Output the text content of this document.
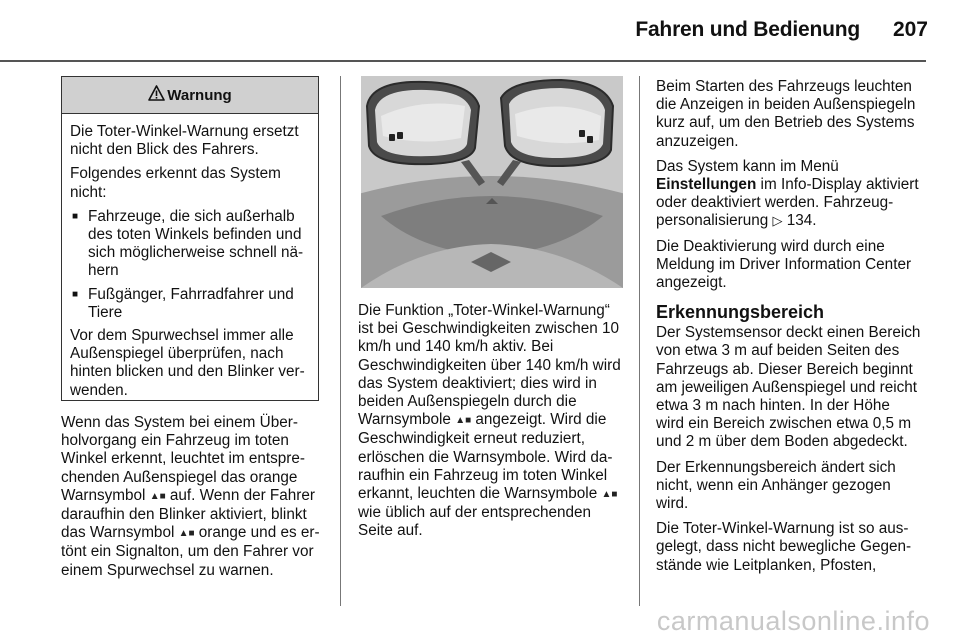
Fahren und Bedienung	207
Warnung

Die Toter-Winkel-Warnung ersetzt nicht den Blick des Fahrers.

Folgendes erkennt das System nicht:

■ Fahrzeuge, die sich außerhalb des toten Winkels befinden und sich möglicherweise schnell nähern
■ Fußgänger, Fahrradfahrer und Tiere

Vor dem Spurwechsel immer alle Außenspiegel überprüfen, nach hinten blicken und den Blinker verwenden.

Wenn das System bei einem Überholvorgang ein Fahrzeug im toten Winkel erkennt, leuchtet im entsprechenden Außenspiegel das orange Warnsymbol ▲■ auf. Wenn der Fahrer daraufhin den Blinker aktiviert, blinkt das Warnsymbol ▲■ orange und es ertönt ein Signalton, um den Fahrer vor einem Spurwechsel zu warnen.

Die Funktion „Toter-Winkel-Warnung“ ist bei Geschwindigkeiten zwischen 10 km/h und 140 km/h aktiv. Bei Geschwindigkeiten über 140 km/h wird das System deaktiviert; dies wird in beiden Außenspiegeln durch die Warnsymbole ▲■ angezeigt. Wird die Geschwindigkeit erneut reduziert, erlöschen die Warnsymbole. Wird daraufhin ein Fahrzeug im toten Winkel erkannt, leuchten die Warnsymbole ▲■ wie üblich auf der entsprechenden Seite auf.

Beim Starten des Fahrzeugs leuchten die Anzeigen in beiden Außenspiegeln kurz auf, um den Betrieb des Systems anzuzeigen.

Das System kann im Menü Einstellungen im Info-Display aktiviert oder deaktiviert werden. Fahrzeugpersonalisierung ▷ 134.

Die Deaktivierung wird durch eine Meldung im Driver Information Center angezeigt.

Erkennungsbereich

Der Systemsensor deckt einen Bereich von etwa 3 m auf beiden Seiten des Fahrzeugs ab. Dieser Bereich beginnt am jeweiligen Außenspiegel und reicht etwa 3 m nach hinten. In der Höhe wird ein Bereich zwischen etwa 0,5 m und 2 m über dem Boden abgedeckt.

Der Erkennungsbereich ändert sich nicht, wenn ein Anhänger gezogen wird.

Die Toter-Winkel-Warnung ist so ausgelegt, dass nicht bewegliche Gegenstände wie Leitplanken, Pfosten,

carmanualsonline.info
